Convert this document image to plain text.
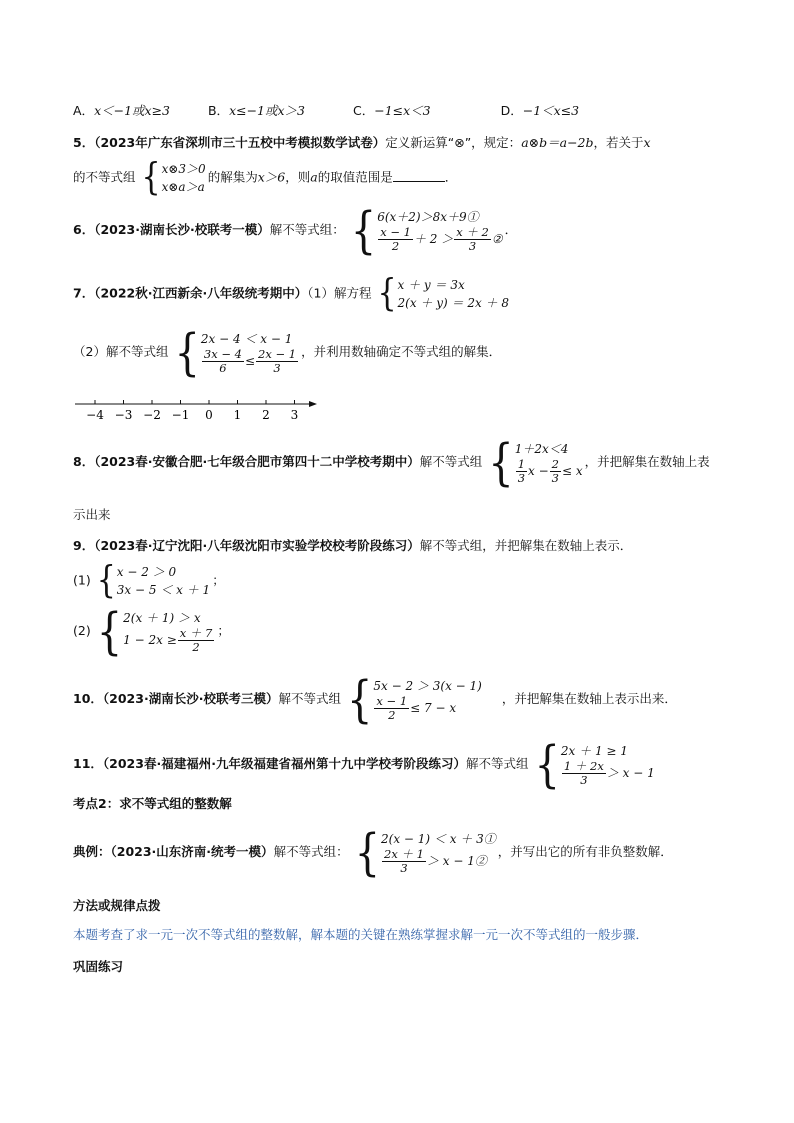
A．x＜−1或x≥3	B．x≤−1或x＞3	C．−1≤x＜3	D．−1＜x≤3
5．（2023年广东省深圳市三十五校中考模拟数学试卷）定义新运算“⊗”，规定：a⊗b＝a−2b，若关于x
的不等式组 { x⊗3＞0
x⊗a＞a
的解集为x＞6，则a的取值范围是	．
6．（2023·湖南长沙·校联考一模）解不等式组： { 6(x＋2)＞8x＋9①
$\frac{x - 1}{2} + 2 > \frac{x + 2}{3}$ ②
．
7．（2022秋·江西新余·八年级统考期中）（1）解方程 { x ＋ y ＝ 3x
2(x ＋ y) ＝ 2x ＋ 8
（2）解不等式组 { 2x − 4 ＜ x − 1
$\frac{3x - 4}{6} \le \frac{2x - 1}{3}$ ，并利用数轴确定不等式组的解集．
−4 −3 −2 −1 0 1 2 3
8．（2023春·安徽合肥·七年级合肥市第四十二中学校考期中）解不等式组 { 1＋2x＜4
$\frac{1}{3}$ $x - \frac{2}{3} \le x$
，并把解集在数轴上表
示出来
9．（2023春·辽宁沈阳·八年级沈阳市实验学校校考阶段练习）解不等式组，并把解集在数轴上表示．
(1) { x − 2 ＞ 0
3x − 5 ＜ x ＋ 1
；
(2) { 2(x ＋ 1) ＞ x
$1 - 2x \ge \frac{x + 7}{2}$ ；
10．（2023·湖南长沙·校联考三模）解不等式组 { 5x − 2 ＞ 3(x − 1)
$\frac{x - 1}{2} \le 7 - x$
，并把解集在数轴上表示出来．
11．（2023春·福建福州·九年级福建省福州第十九中学校考阶段练习）解不等式组 { 2x ＋ 1 ≥ 1
$\frac{1 + 2x}{3} > x - 1$
考点2：求不等式组的整数解
典例：（2023·山东济南·统考一模）解不等式组： { 2(x − 1) ＜ x ＋ 3①
$\frac{2x + 1}{3} > x$ − 1②
，并写出它的所有非负整数解．
方法或规律点拨
本题考查了求一元一次不等式组的整数解，解本题的关键在熟练掌握求解一元一次不等式组的一般步骤．
巩固练习
